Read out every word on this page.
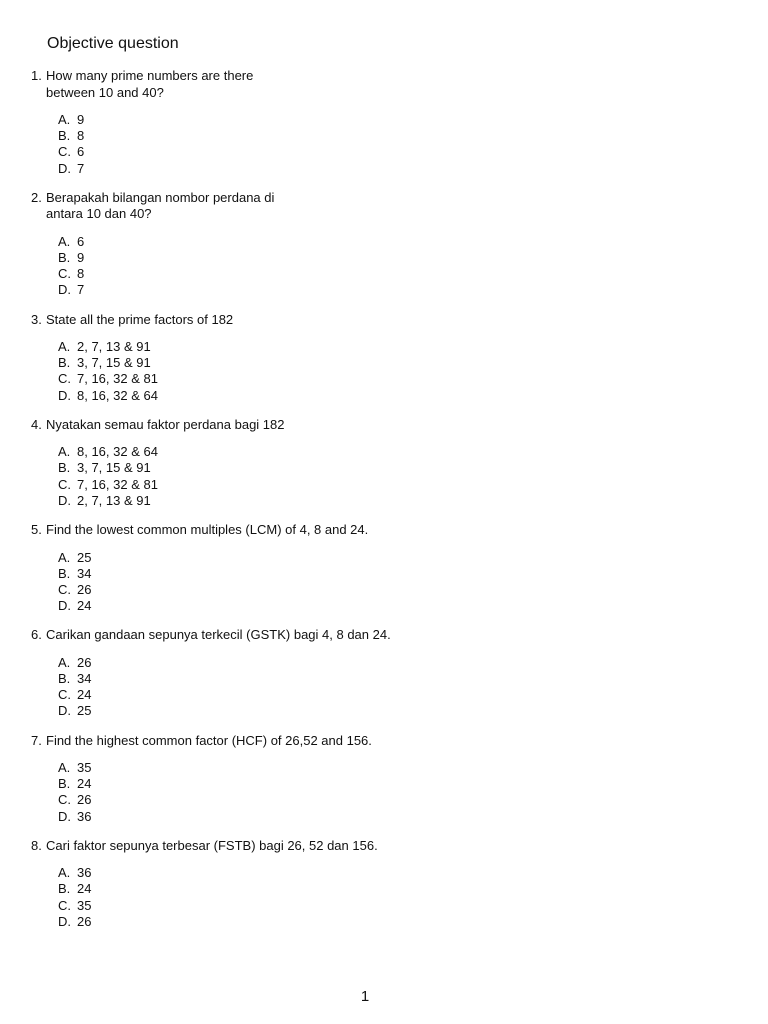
Objective question
1. How many prime numbers are there
between 10 and 40?
A. 9
B. 8
C. 6
D. 7
2. Berapakah bilangan nombor perdana di
antara 10 dan 40?
A. 6
B. 9
C. 8
D. 7
3. State all the prime factors of 182
A. 2, 7, 13 & 91
B. 3, 7, 15 & 91
C. 7, 16, 32 & 81
D. 8, 16, 32 & 64
4. Nyatakan semau faktor perdana bagi 182
A. 8, 16, 32 & 64
B. 3, 7, 15 & 91
C. 7, 16, 32 & 81
D. 2, 7, 13 & 91
5. Find the lowest common multiples (LCM) of 4, 8 and 24.
A. 25
B. 34
C. 26
D. 24
6. Carikan gandaan sepunya terkecil (GSTK) bagi 4, 8 dan 24.
A. 26
B. 34
C. 24
D. 25
7. Find the highest common factor (HCF) of 26,52 and 156.
A. 35
B. 24
C. 26
D. 36
8. Cari faktor sepunya terbesar (FSTB) bagi 26, 52 dan 156.
A. 36
B. 24
C. 35
D. 26
1
